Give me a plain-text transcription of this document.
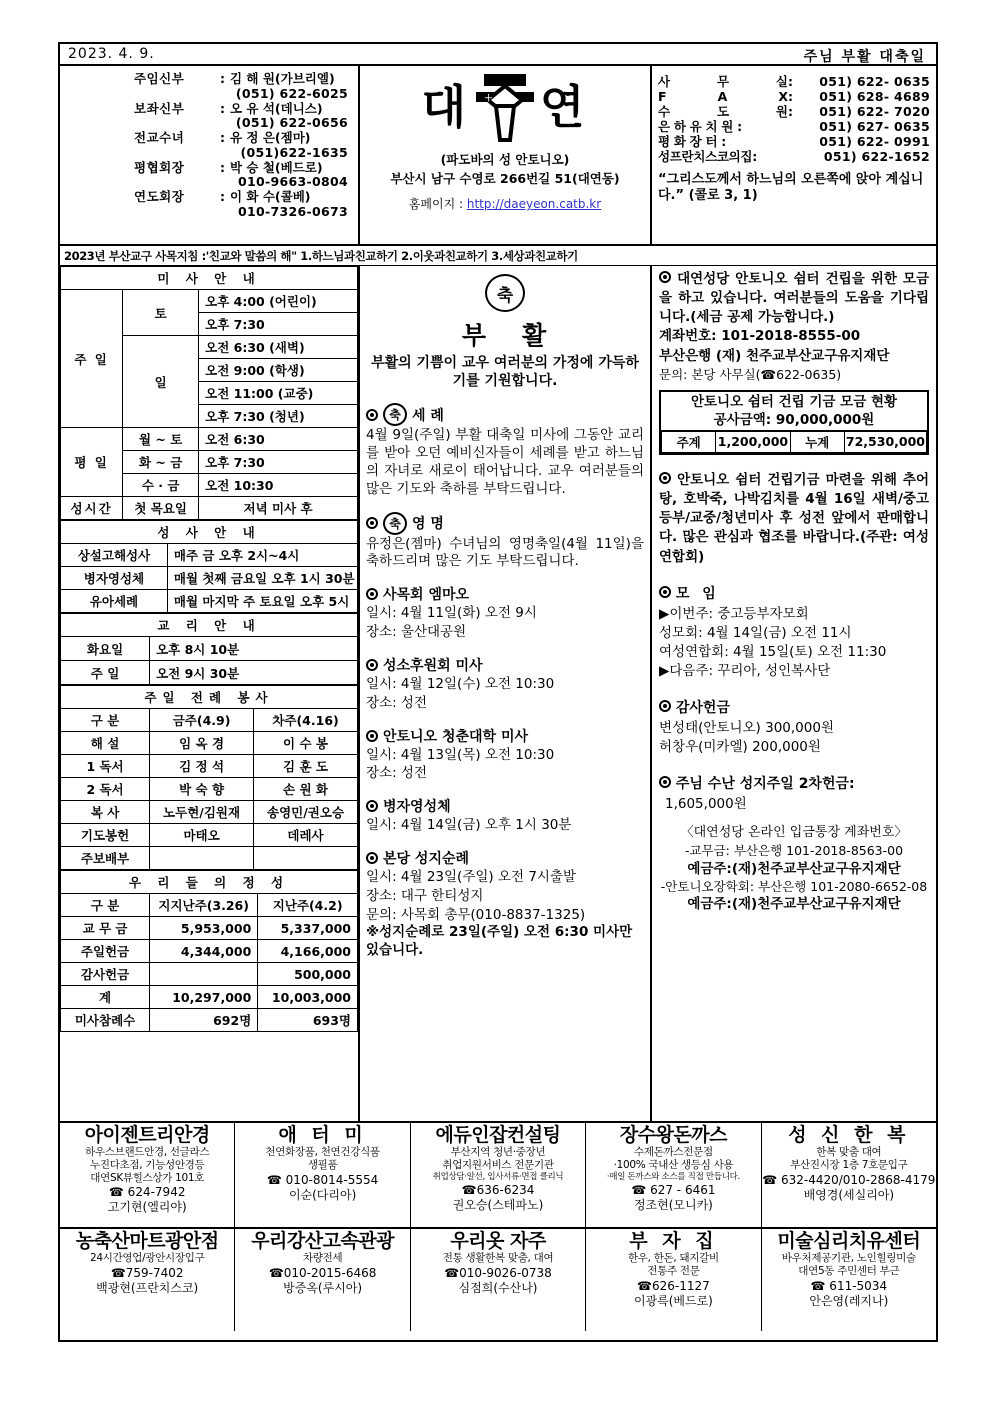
2023. 4. 9.	주님 부활 대축일
주임신부	: 김 해 원(가브리엘)
(051) 622-6025
보좌신부	: 오 유 석(데니스)
(051) 622-0656
전교수녀	: 유 정 은(젬마)
(051)622-1635
평협회장	: 박 승 철(베드로)
010-9663-0804
연도회장	: 이 화 수(콜베)
010-7326-0673
대 ＋ 연
(파도바의 성 안토니오)
부산시 남구 수영로 266번길 51(대연동)
홈페이지 : http://daeyeon.catb.kr
사	무	실 :	051) 622- 0635
F	A	X :	051) 628- 4689
수	도	원 :	051) 622- 7020
은 하 유 치 원 :	051) 627- 0635
평 화 장 터 :	051) 622- 0991
성프란치스코의집:	051) 622-1652
“그리스도께서 하느님의 오른쪽에 앉아 계십니다.” (콜로 3, 1)
2023년 부산교구 사목지침 :'친교와 말씀의 해" 1.하느님과친교하기 2.이웃과친교하기 3.세상과친교하기
미 사 안 내		
주 일	토	오후 4:00 (어린이)
		오후 7:30
	일	오전 6:30 (새벽)
		오전 9:00 (학생)
		오전 11:00 (교중)
		오후 7:30 (청년)
평 일	월 ~ 토	오전 6:30
	화 ~ 금	오후 7:30
	수 · 금	오전 10:30
성시간	첫 목요일	저녁 미사 후
성 사 안 내	
상설고해성사	매주 금 오후 2시~4시
병자영성체	매월 첫째 금요일 오후 1시 30분
유아세례	매월 마지막 주 토요일 오후 5시
교 리 안 내	
화요일	오후 8시 10분
주 일	오전 9시 30분
주일 전례 봉사		
구 분	금주(4.9)	차주(4.16)
해 설	임 옥 경	이 수 봉
1 독서	김 정 석	김 훈 도
2 독서	박 숙 향	손 원 화
복 사	노두현/김원재	송영민/권오승
기도봉헌	마태오	데레사
주보배부		
우 리 들 의 정 성		
구 분	지지난주(3.26)	지난주(4.2)
교 무 금	5,953,000	5,337,000
주일헌금	4,344,000	4,166,000
감사헌금		500,000
계	10,297,000	10,003,000
미사참례수	692명	693명
축
부활
부활의 기쁨이 교우 여러분의 가정에 가득하기를 기원합니다.
축 세 례
4월 9일(주일) 부활 대축일 미사에 그동안 교리를 받아 오던 예비신자들이 세례를 받고 하느님의 자녀로 새로이 태어납니다. 교우 여러분들의 많은 기도와 축하를 부탁드립니다.
축 영 명
유정은(젬마) 수녀님의 영명축일(4월 11일)을 축하드리며 많은 기도 부탁드립니다.
사목회 엠마오
일시: 4월 11일(화) 오전 9시
장소: 울산대공원
성소후원회 미사
일시: 4월 12일(수) 오전 10:30
장소: 성전
안토니오 청춘대학 미사
일시: 4월 13일(목) 오전 10:30
장소: 성전
병자영성체
일시: 4월 14일(금) 오후 1시 30분
본당 성지순례
일시: 4월 23일(주일) 오전 7시출발
장소: 대구 한티성지
문의: 사목회 총무(010-8837-1325)
※성지순례로 23일(주일) 오전 6:30 미사만 있습니다.
대연성당 안토니오 쉼터 건립을 위한 모금을 하고 있습니다. 여러분들의 도움을 기다립니다.(세금 공제 가능합니다.)
계좌번호: 101-2018-8555-00
부산은행 (재) 천주교부산교구유지재단
문의: 본당 사무실(☎622-0635)
안토니오 쉼터 건립 기금 모금 현황
공사금액: 90,000,000원
주계	1,200,000	누계	72,530,000
안토니오 쉼터 건립기금 마련을 위해 추어탕, 호박죽, 나박김치를 4월 16일 새벽/중고등부/교중/청년미사 후 성전 앞에서 판매합니다. 많은 관심과 협조를 바랍니다.(주관: 여성연합회)
모 임
▶이번주: 중고등부자모회
성모회: 4월 14일(금) 오전 11시
여성연합회: 4월 15일(토) 오전 11:30
▶다음주: 꾸리아, 성인복사단
감사헌금
변성태(안토니오) 300,000원
허창우(미카엘) 200,000원
주님 수난 성지주일 2차헌금:
1,605,000원
〈대연성당 온라인 입금통장 계좌번호〉
-교무금: 부산은행 101-2018-8563-00
예금주:(재)천주교부산교구유지재단
-안토니오장학회: 부산은행 101-2080-6652-08
예금주:(재)천주교부산교구유지재단
아이젠트리안경
하우스브랜드안경, 선글라스
누진다초점, 기능성안경등
대연SK뷰힐스상가 101호
☎ 624-7942
고기현(엘리야)
애 터 미
천연화장품, 천연건강식품
생필품
☎ 010-8014-5554
이순(다리아)
에듀인잡컨설팅
부산지역 청년·중장년
취업지원서비스 전문기관
취업상담·알선, 입사서류·면접 클리닉
☎636-6234
권오승(스테파노)
장수왕돈까스
수제돈까스전문점
·100% 국내산 생등심 사용
·매일 돈까스와 소스를 직접 만듭니다.
☎ 627 - 6461
정조현(모니카)
성 신 한 복
한복 맞춤 대여
부산진시장 1층 7호문입구
☎ 632-4420/010-2868-4179
배영경(세실리아)
농축산마트광안점
24시간영업/광안시장입구
☎759-7402
백광현(프란치스코)
우리강산고속관광
차량전세
☎010-2015-6468
방증옥(루시아)
우리옷 자주
전통 생활한복 맞춤, 대여
☎010-9026-0738
심점희(수산나)
부 자 집
한우, 한돈, 돼지갈비
전통주 전문
☎626-1127
이광륵(베드로)
미술심리치유센터
바우처제공기관, 노인힐링미술
대연5동 주민센터 부근
☎ 611-5034
안은영(레지나)
